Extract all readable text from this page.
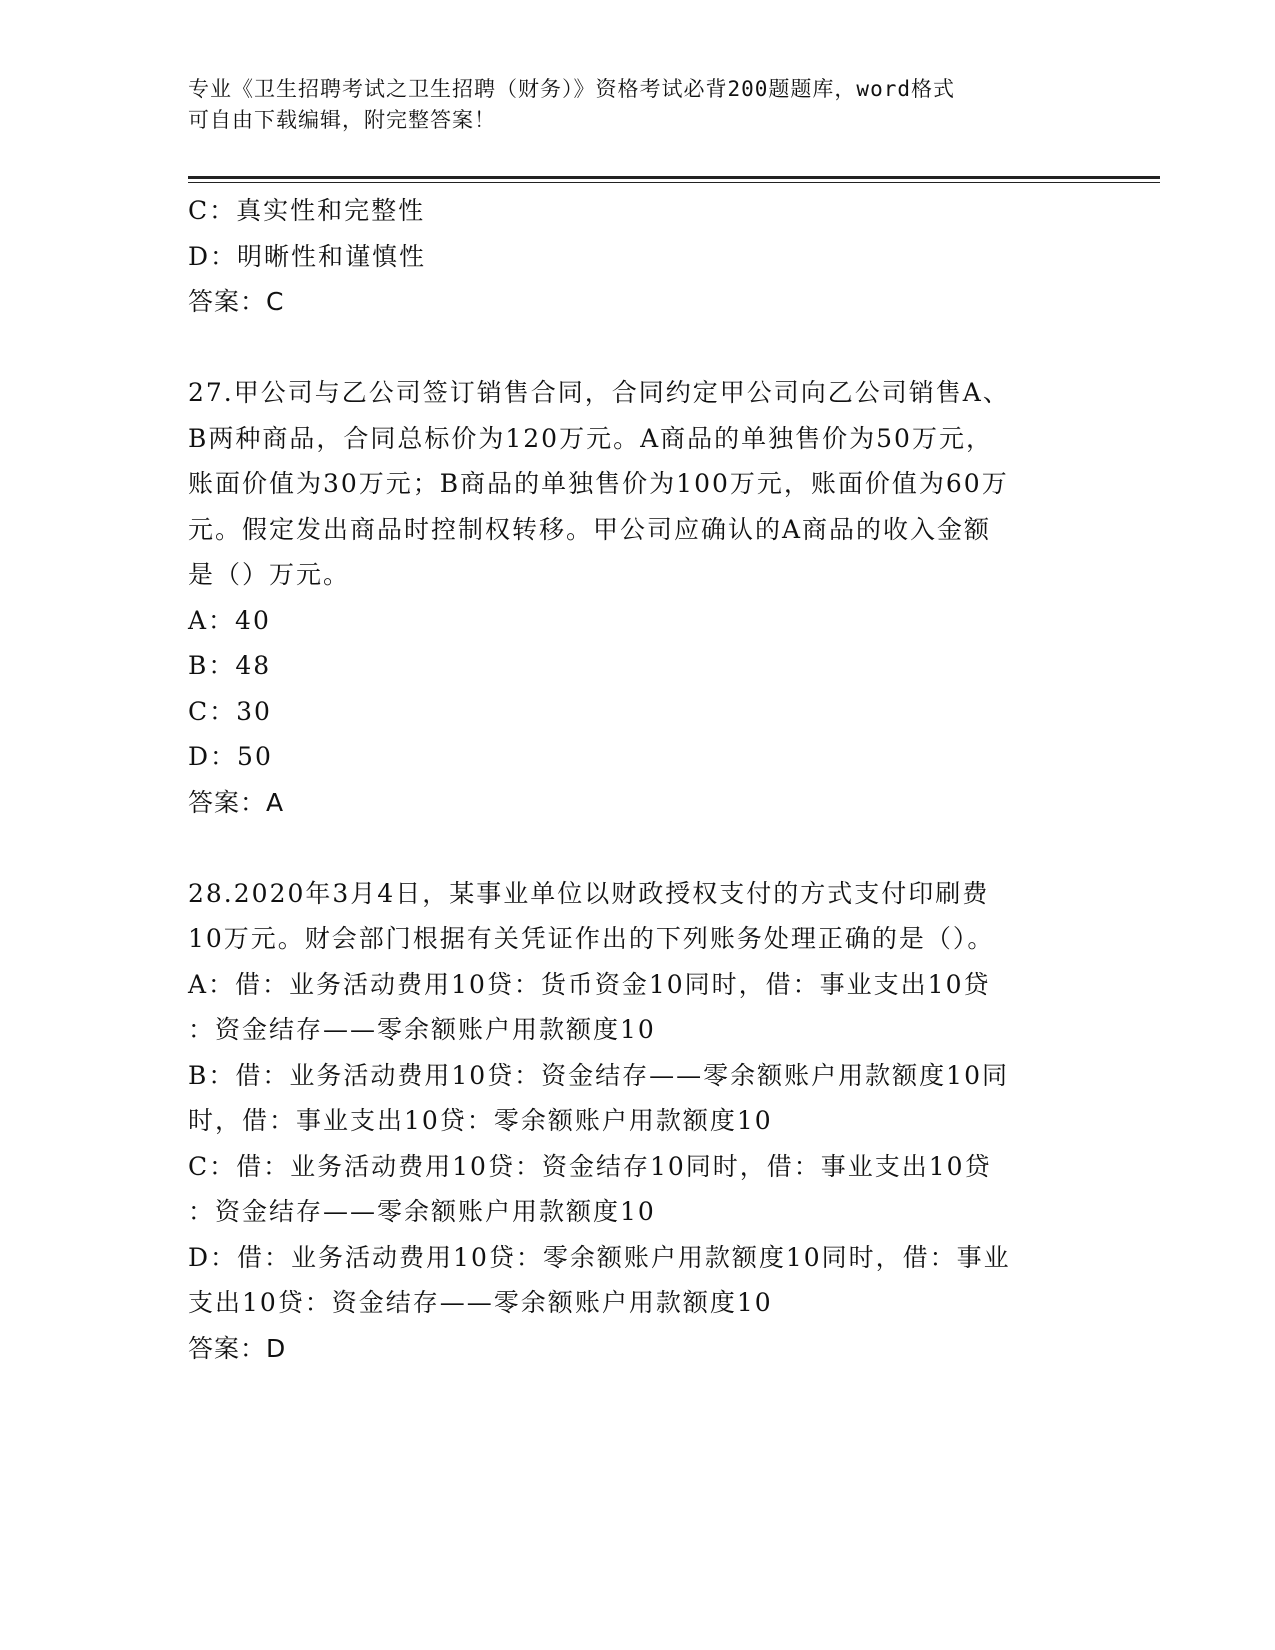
专业《卫生招聘考试之卫生招聘（财务）》资格考试必背200题题库，word格式
可自由下载编辑，附完整答案！
C：真实性和完整性
D：明晰性和谨慎性
答案：C
27.甲公司与乙公司签订销售合同，合同约定甲公司向乙公司销售A、
B两种商品，合同总标价为120万元。A商品的单独售价为50万元，
账面价值为30万元；B商品的单独售价为100万元，账面价值为60万
元。假定发出商品时控制权转移。甲公司应确认的A商品的收入金额
是（）万元。
A：40
B：48
C：30
D：50
答案：A
28.2020年3月4日，某事业单位以财政授权支付的方式支付印刷费
10万元。财会部门根据有关凭证作出的下列账务处理正确的是（）。
A：借：业务活动费用10贷：货币资金10同时，借：事业支出10贷
：资金结存——零余额账户用款额度10
B：借：业务活动费用10贷：资金结存——零余额账户用款额度10同
时，借：事业支出10贷：零余额账户用款额度10
C：借：业务活动费用10贷：资金结存10同时，借：事业支出10贷
：资金结存——零余额账户用款额度10
D：借：业务活动费用10贷：零余额账户用款额度10同时，借：事业
支出10贷：资金结存——零余额账户用款额度10
答案：D
